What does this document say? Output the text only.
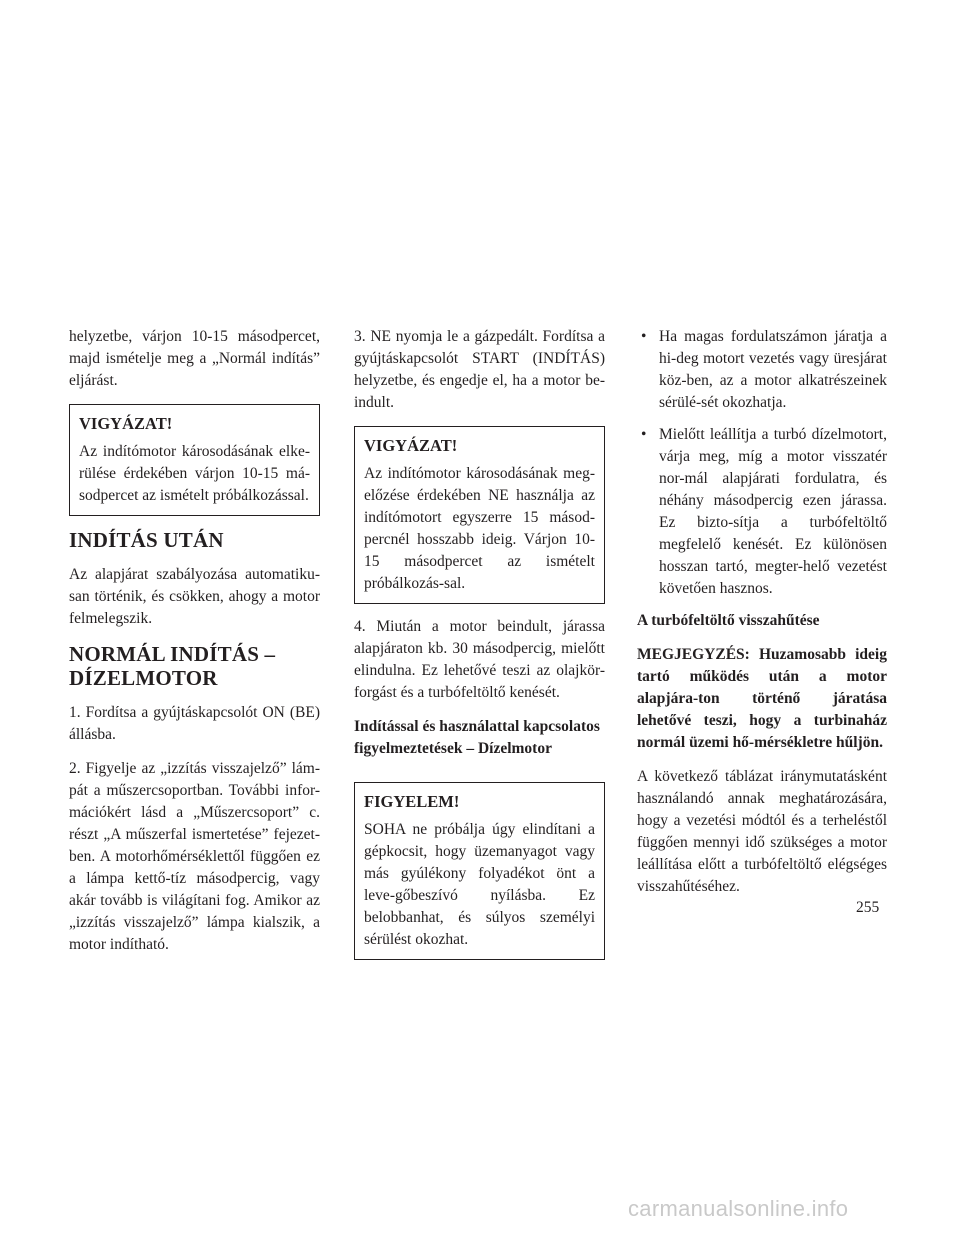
helyzetbe, várjon 10-15 másodpercet, majd ismételje meg a „Normál indítás” eljárást.

VIGYÁZAT!

Az indítómotor károsodásának elke-rülése érdekében várjon 10-15 má-sodpercet az ismételt próbálkozással.

INDÍTÁS UTÁN

Az alapjárat szabályozása automatiku-san történik, és csökken, ahogy a motor felmelegszik.

NORMÁL INDÍTÁS –
DÍZELMOTOR

1. Fordítsa a gyújtáskapcsolót ON (BE) állásba.

2. Figyelje az „izzítás visszajelző” lám-pát a műszercsoportban. További infor-mációkért lásd a „Műszercsoport” c. részt „A műszerfal ismertetése” fejezet-ben. A motorhőmérséklettől függően ez a lámpa kettő-tíz másodpercig, vagy akár tovább is világítani fog. Amikor az „izzítás visszajelző” lámpa kialszik, a motor indítható.

3. NE nyomja le a gázpedált. Fordítsa a gyújtáskapcsolót START (INDÍTÁS) helyzetbe, és engedje el, ha a motor be-indult.

VIGYÁZAT!

Az indítómotor károsodásának meg-előzése érdekében NE használja az indítómotort egyszerre 15 másod-percnél hosszabb ideig. Várjon 10-15 másodpercet az ismételt próbálkozás-sal.

4. Miután a motor beindult, járassa alapjáraton kb. 30 másodpercig, mielőtt elindulna. Ez lehetővé teszi az olajkör-forgást és a turbófeltöltő kenését.

Indítással és használattal kapcsolatos figyelmeztetések – Dízelmotor

FIGYELEM!

SOHA ne próbálja úgy elindítani a gépkocsit, hogy üzemanyagot vagy más gyúlékony folyadékot önt a leve-gőbeszívó nyílásba. Ez belobbanhat, és súlyos személyi sérülést okozhat.

• Ha magas fordulatszámon járatja a hi-deg motort vezetés vagy üresjárat köz-ben, az a motor alkatrészeinek sérülé-sét okozhatja.
• Mielőtt leállítja a turbó dízelmotort, várja meg, míg a motor visszatér nor-mál alapjárati fordulatra, és néhány másodpercig ezen járassa. Ez bizto-sítja a turbófeltöltő megfelelő kenését. Ez különösen hosszan tartó, megter-helő vezetést követően hasznos.

A turbófeltöltő visszahűtése

MEGJEGYZÉS: Huzamosabb ideig tartó működés után a motor alapjára-ton történő járatása lehetővé teszi, hogy a turbinaház normál üzemi hő-mérsékletre hűljön.

A következő táblázat iránymutatásként használandó annak meghatározására, hogy a vezetési módtól és a terheléstől függően mennyi idő szükséges a motor leállítása előtt a turbófeltöltő elégséges visszahűtéséhez.

255
carmanualsonline.info
